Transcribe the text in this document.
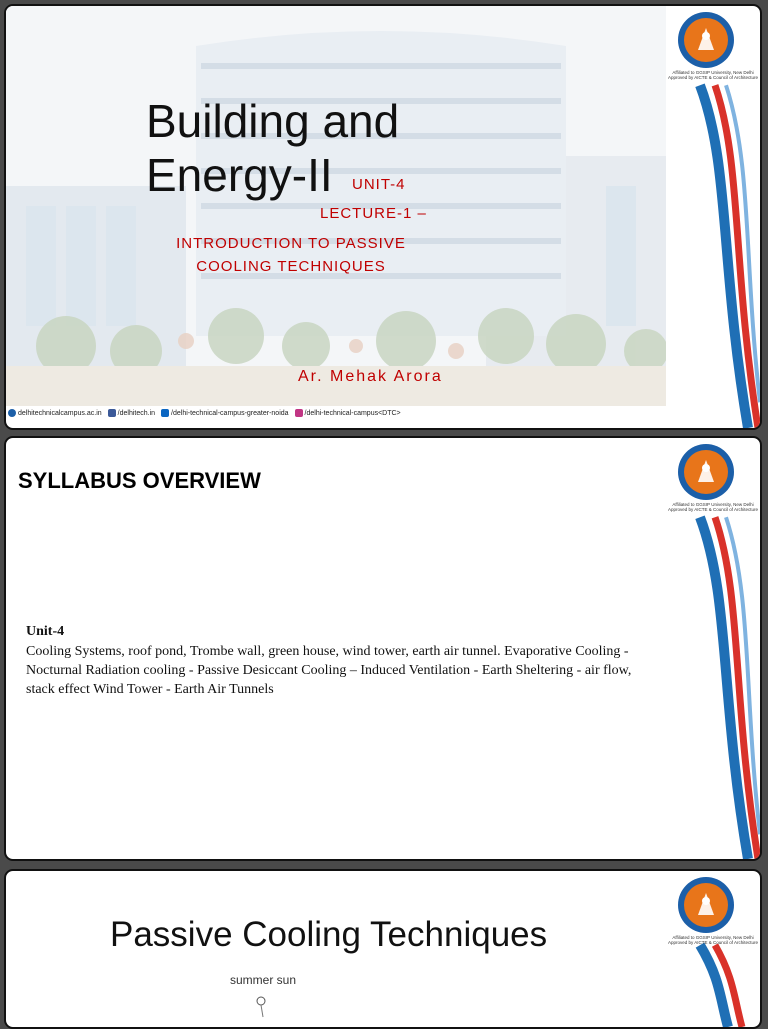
Affiliated to GGSIP University, New Delhi
Approved by AICTE & Council of Architecture
Building and
Energy-II	UNIT-4
LECTURE-1 –
INTRODUCTION TO PASSIVE
COOLING TECHNIQUES
Ar. Mehak Arora
delhitechnicalcampus.ac.in /delhitech.in /delhi-technical-campus-greater-noida /delhi-technical-campus<DTC>
Affiliated to GGSIP University, New Delhi
Approved by AICTE & Council of Architecture
SYLLABUS OVERVIEW
Unit-4
Cooling Systems, roof pond, Trombe wall, green house, wind tower, earth air tunnel. Evaporative Cooling - Nocturnal Radiation cooling - Passive Desiccant Cooling – Induced Ventilation - Earth Sheltering - air flow, stack effect Wind Tower - Earth Air Tunnels
Affiliated to GGSIP University, New Delhi
Approved by AICTE & Council of Architecture
Passive Cooling Techniques
summer sun
